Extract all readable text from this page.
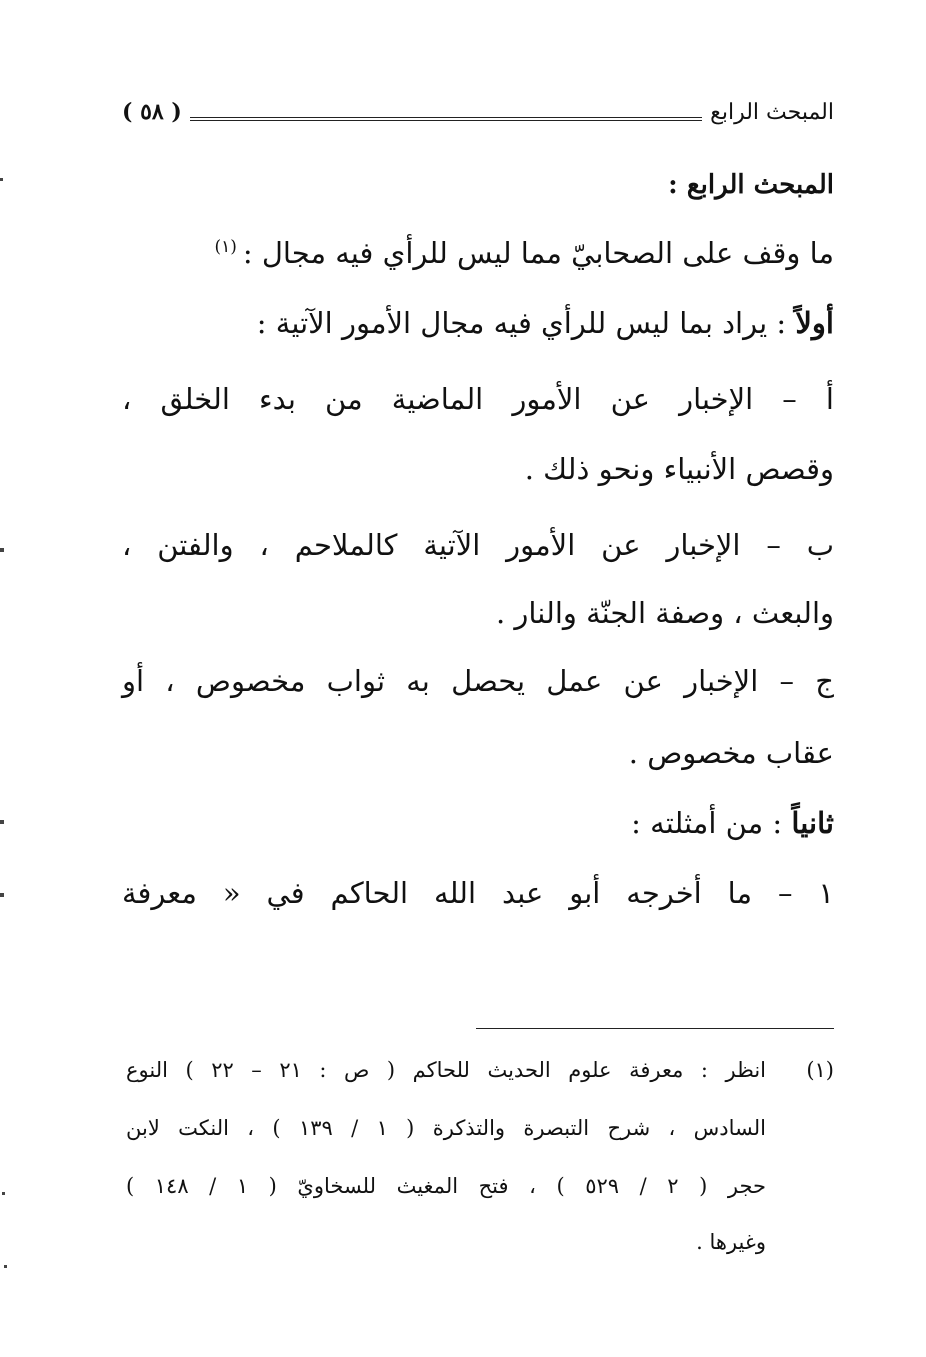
المبحث الرابع
( ٥٨ )
المبحث الرابع :
ما وقف على الصحابيّ مما ليس للرأي فيه مجال :$^{(١)}$
أولاً : يراد بما ليس للرأي فيه مجال الأمور الآتية :
أ – الإخبار عن الأمور الماضية من بدء الخلق ،
وقصص الأنبياء ونحو ذلك .
ب – الإخبار عن الأمور الآتية كالملاحم ، والفتن ،
والبعث ، وصفة الجنّة والنار .
ج – الإخبار عن عمل يحصل به ثواب مخصوص ، أو
عقاب مخصوص .
ثانياً : من أمثلته :
١ – ما أخرجه أبو عبد الله الحاكم في « معرفة
(١)
انظر : معرفة علوم الحديث للحاكم ( ص : ٢١ – ٢٢ ) النوع
السادس ، شرح التبصرة والتذكرة ( ١ / ١٣٩ ) ، النكت لابن
حجر ( ٢ / ٥٢٩ ) ، فتح المغيث للسخاويّ ( ١ / ١٤٨ )
وغيرها .
